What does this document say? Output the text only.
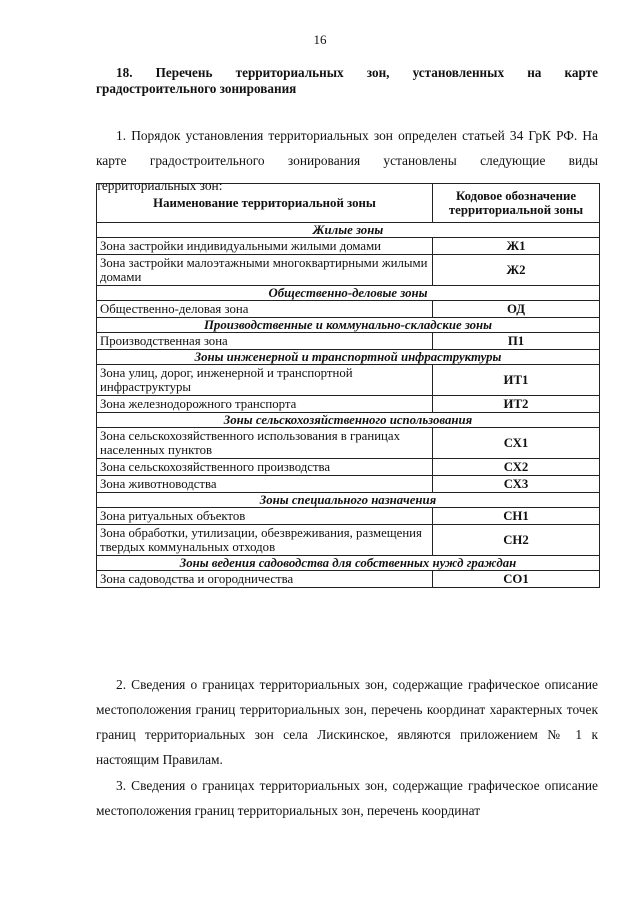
16
18. Перечень территориальных зон, установленных на карте градостроительного зонирования
1. Порядок установления территориальных зон определен статьей 34 ГрК РФ. На карте градостроительного зонирования установлены следующие виды территориальных зон:
Наименование территориальной зоны	Кодовое обозначение территориальной зоны
Жилые зоны	
Зона застройки индивидуальными жилыми домами	Ж1
Зона застройки малоэтажными многоквартирными жилыми домами	Ж2
Общественно-деловые зоны	
Общественно-деловая зона	ОД
Производственные и коммунально-складские зоны	
Производственная зона	П1
Зоны инженерной и транспортной инфраструктуры	
Зона улиц, дорог, инженерной и транспортной инфраструктуры	ИТ1
Зона железнодорожного транспорта	ИТ2
Зоны сельскохозяйственного использования	
Зона сельскохозяйственного использования в границах населенных пунктов	СХ1
Зона сельскохозяйственного производства	СХ2
Зона животноводства	СХ3
Зоны специального назначения	
Зона ритуальных объектов	СН1
Зона обработки, утилизации, обезвреживания, размещения твердых коммунальных отходов	СН2
Зоны ведения садоводства для собственных нужд граждан	
Зона садоводства и огородничества	СО1
2. Сведения о границах территориальных зон, содержащие графическое описание местоположения границ территориальных зон, перечень координат характерных точек границ территориальных зон села Лискинское, являются приложением № 1 к настоящим Правилам.
3. Сведения о границах территориальных зон, содержащие графическое описание местоположения границ территориальных зон, перечень координат
